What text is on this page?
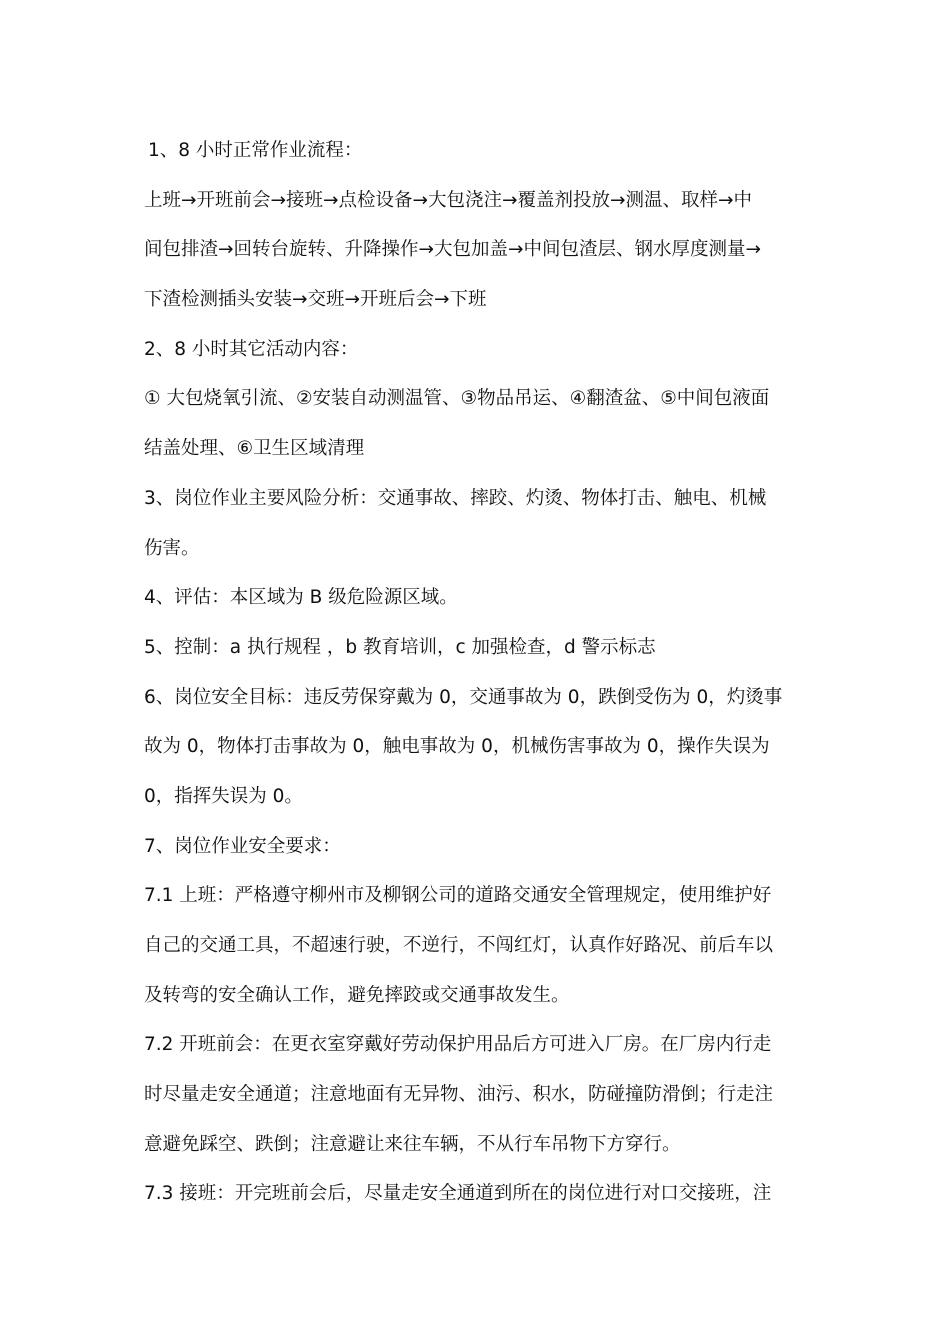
1、8 小时正常作业流程：
上班→开班前会→接班→点检设备→大包浇注→覆盖剂投放→测温、取样→中
间包排渣→回转台旋转、升降操作→大包加盖→中间包渣层、钢水厚度测量→
下渣检测插头安装→交班→开班后会→下班
2、8 小时其它活动内容：
① 大包烧氧引流、②安装自动测温管、③物品吊运、④翻渣盆、⑤中间包液面
结盖处理、⑥卫生区域清理
3、岗位作业主要风险分析：交通事故、摔跤、灼烫、物体打击、触电、机械
伤害。
4、评估：本区域为 B 级危险源区域。
5、控制：a 执行规程 ，b 教育培训，c 加强检查，d 警示标志
6、岗位安全目标：违反劳保穿戴为 0，交通事故为 0，跌倒受伤为 0，灼烫事
故为 0，物体打击事故为 0，触电事故为 0，机械伤害事故为 0，操作失误为
0，指挥失误为 0。
7、岗位作业安全要求：
7.1 上班：严格遵守柳州市及柳钢公司的道路交通安全管理规定，使用维护好
自己的交通工具，不超速行驶，不逆行，不闯红灯，认真作好路况、前后车以
及转弯的安全确认工作，避免摔跤或交通事故发生。
7.2 开班前会：在更衣室穿戴好劳动保护用品后方可进入厂房。在厂房内行走
时尽量走安全通道；注意地面有无异物、油污、积水，防碰撞防滑倒；行走注
意避免踩空、跌倒；注意避让来往车辆，不从行车吊物下方穿行。
7.3 接班：开完班前会后，尽量走安全通道到所在的岗位进行对口交接班，注
